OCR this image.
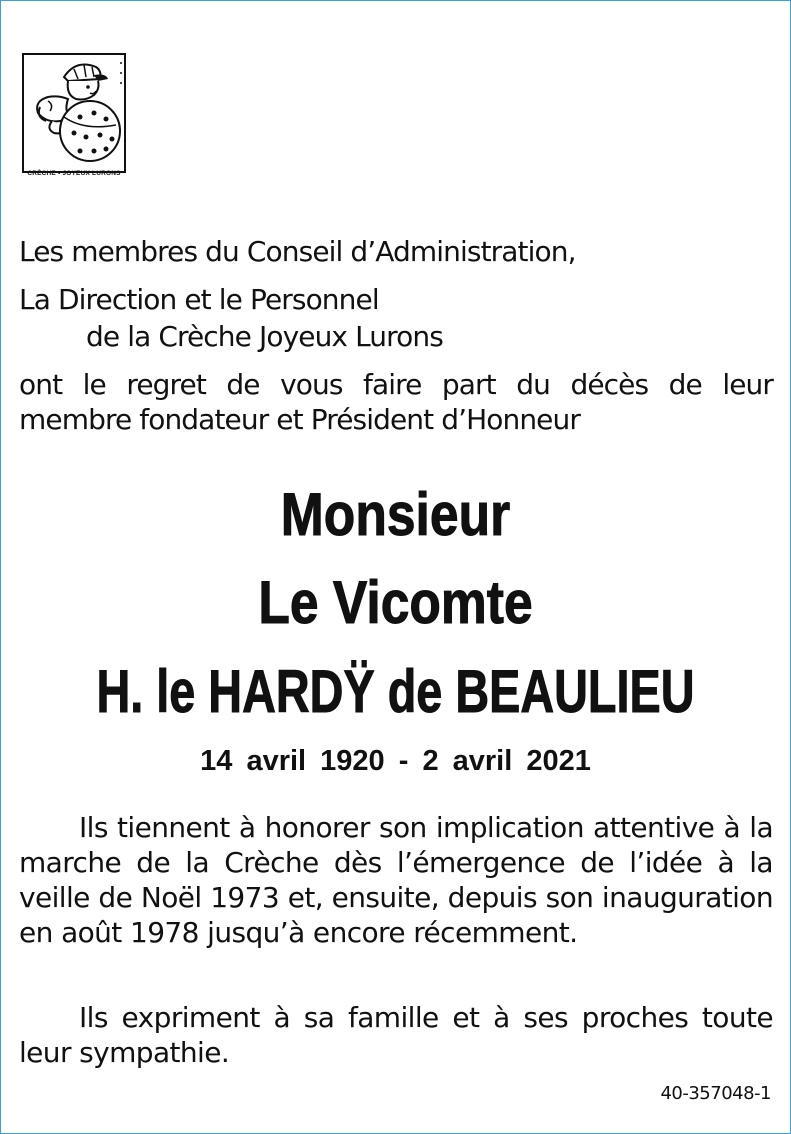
CRÈCHE • JOYEUX LURONS
Les membres du Conseil d’Administration,
La Direction et le Personnel
de la Crèche Joyeux Lurons
ont le regret de vous faire part du décès de leur
membre fondateur et Président d’Honneur
Monsieur
Le Vicomte
H. le HARDŸ de BEAULIEU
14 avril 1920 - 2 avril 2021
Ils tiennent à honorer son implication attentive à la marche de la Crèche dès l’émergence de l’idée à la veille de Noël 1973 et, ensuite, depuis son inauguration en août 1978 jusqu’à encore récemment.
Ils expriment à sa famille et à ses proches toute leur sympathie.
40-357048-1
